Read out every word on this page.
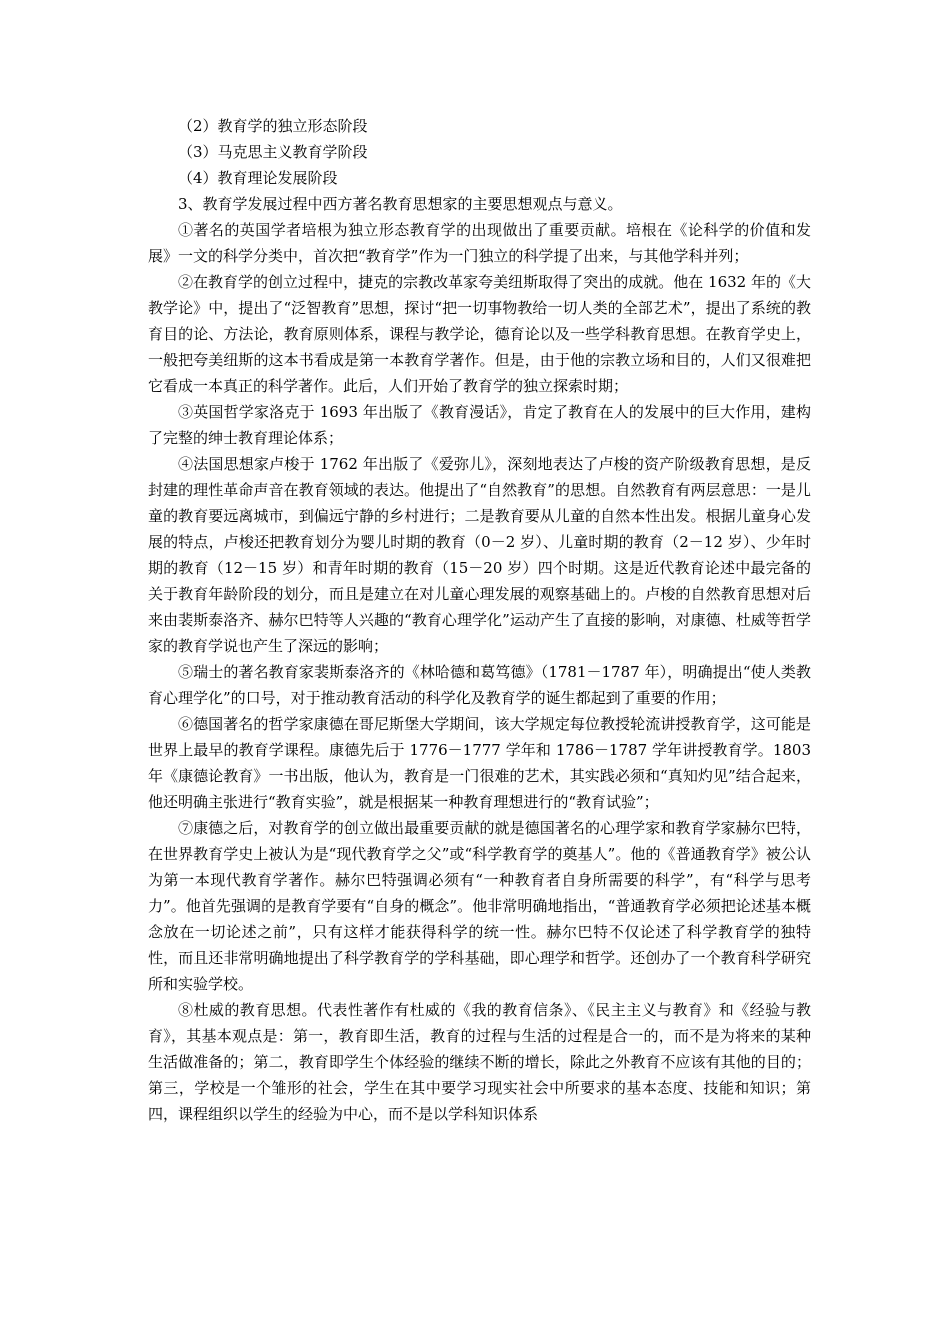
（2）教育学的独立形态阶段

（3）马克思主义教育学阶段

（4）教育理论发展阶段

3、教育学发展过程中西方著名教育思想家的主要思想观点与意义。

①著名的英国学者培根为独立形态教育学的出现做出了重要贡献。培根在《论科学的价值和发展》一文的科学分类中，首次把“教育学”作为一门独立的科学提了出来，与其他学科并列；

②在教育学的创立过程中，捷克的宗教改革家夸美纽斯取得了突出的成就。他在 1632 年的《大教学论》中，提出了“泛智教育”思想，探讨“把一切事物教给一切人类的全部艺术”，提出了系统的教育目的论、方法论，教育原则体系，课程与教学论，德育论以及一些学科教育思想。在教育学史上，一般把夸美纽斯的这本书看成是第一本教育学著作。但是，由于他的宗教立场和目的，人们又很难把它看成一本真正的科学著作。此后，人们开始了教育学的独立探索时期；

③英国哲学家洛克于 1693 年出版了《教育漫话》，肯定了教育在人的发展中的巨大作用，建构了完整的绅士教育理论体系；

④法国思想家卢梭于 1762 年出版了《爱弥儿》，深刻地表达了卢梭的资产阶级教育思想，是反封建的理性革命声音在教育领域的表达。他提出了“自然教育”的思想。自然教育有两层意思：一是儿童的教育要远离城市，到偏远宁静的乡村进行；二是教育要从儿童的自然本性出发。根据儿童身心发展的特点，卢梭还把教育划分为婴儿时期的教育（0－2 岁）、儿童时期的教育（2－12 岁）、少年时期的教育（12－15 岁）和青年时期的教育（15－20 岁）四个时期。这是近代教育论述中最完备的关于教育年龄阶段的划分，而且是建立在对儿童心理发展的观察基础上的。卢梭的自然教育思想对后来由裴斯泰洛齐、赫尔巴特等人兴趣的“教育心理学化”运动产生了直接的影响，对康德、杜威等哲学家的教育学说也产生了深远的影响；

⑤瑞士的著名教育家裴斯泰洛齐的《林哈德和葛笃德》（1781－1787 年），明确提出“使人类教育心理学化”的口号，对于推动教育活动的科学化及教育学的诞生都起到了重要的作用；

⑥德国著名的哲学家康德在哥尼斯堡大学期间，该大学规定每位教授轮流讲授教育学，这可能是世界上最早的教育学课程。康德先后于 1776－1777 学年和 1786－1787 学年讲授教育学。1803 年《康德论教育》一书出版，他认为，教育是一门很难的艺术，其实践必须和“真知灼见”结合起来，他还明确主张进行“教育实验”，就是根据某一种教育理想进行的“教育试验”；

⑦康德之后，对教育学的创立做出最重要贡献的就是德国著名的心理学家和教育学家赫尔巴特，在世界教育学史上被认为是“现代教育学之父”或“科学教育学的奠基人”。他的《普通教育学》被公认为第一本现代教育学著作。赫尔巴特强调必须有“一种教育者自身所需要的科学”，有“科学与思考力”。他首先强调的是教育学要有“自身的概念”。他非常明确地指出，“普通教育学必须把论述基本概念放在一切论述之前”，只有这样才能获得科学的统一性。赫尔巴特不仅论述了科学教育学的独特性，而且还非常明确地提出了科学教育学的学科基础，即心理学和哲学。还创办了一个教育科学研究所和实验学校。

⑧杜威的教育思想。代表性著作有杜威的《我的教育信条》、《民主主义与教育》和《经验与教育》，其基本观点是：第一，教育即生活，教育的过程与生活的过程是合一的，而不是为将来的某种生活做准备的；第二，教育即学生个体经验的继续不断的增长，除此之外教育不应该有其他的目的；第三，学校是一个雏形的社会，学生在其中要学习现实社会中所要求的基本态度、技能和知识；第四，课程组织以学生的经验为中心，而不是以学科知识体系
